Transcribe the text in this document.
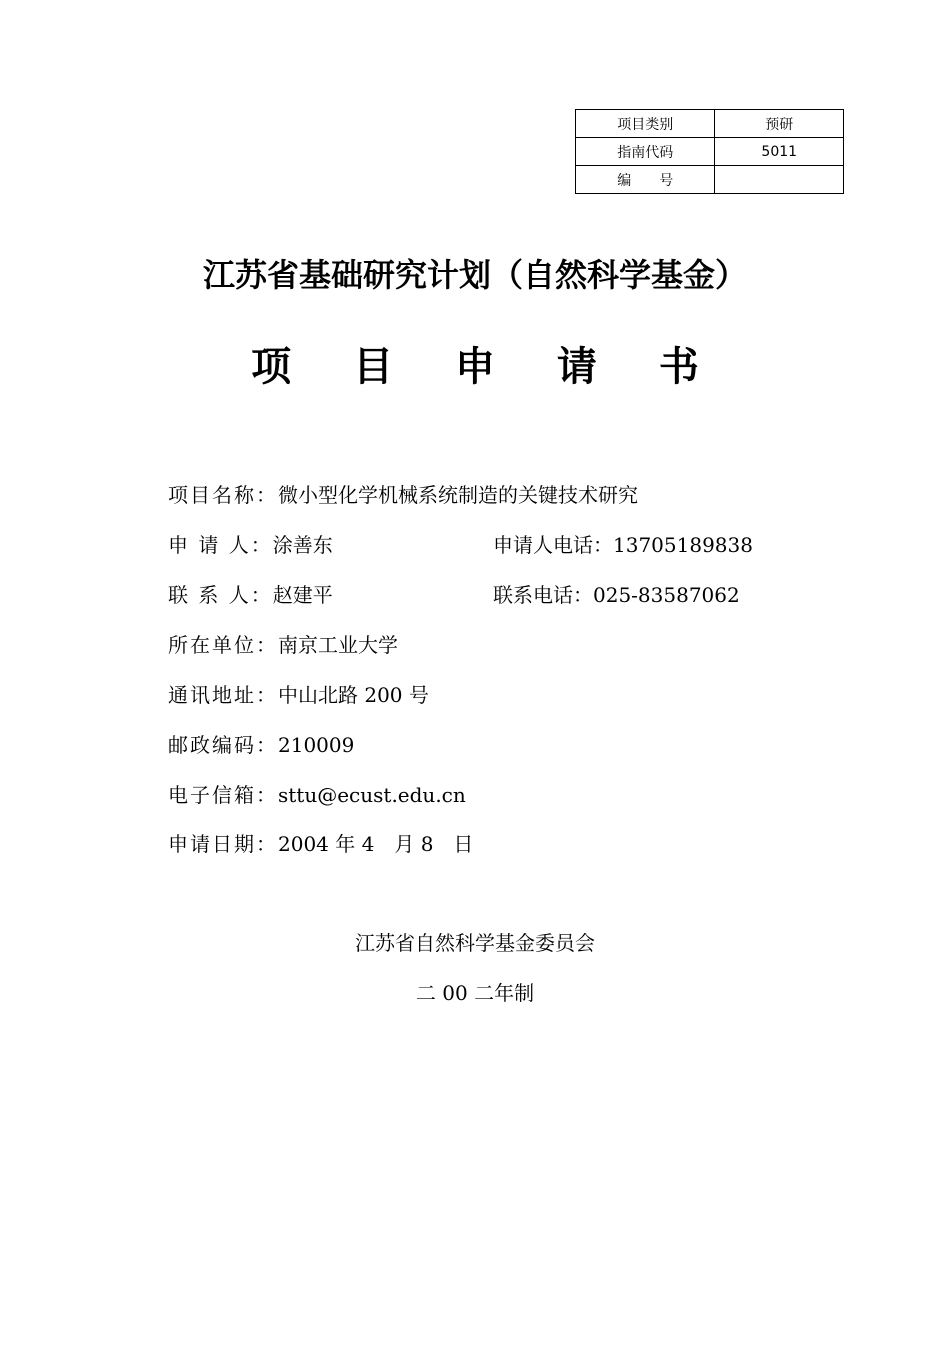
项目类别	预研
指南代码	5011
编　　号	
江苏省基础研究计划（自然科学基金）
项 目 申 请 书
项目名称：微小型化学机械系统制造的关键技术研究
申 请 人：涂善东	申请人电话：13705189838
联 系 人：赵建平	联系电话：025-83587062
所在单位：南京工业大学
通讯地址：中山北路 200 号
邮政编码：210009
电子信箱：sttu@ecust.edu.cn
申请日期：2004 年 4　月 8　日
江苏省自然科学基金委员会
二 00 二年制
